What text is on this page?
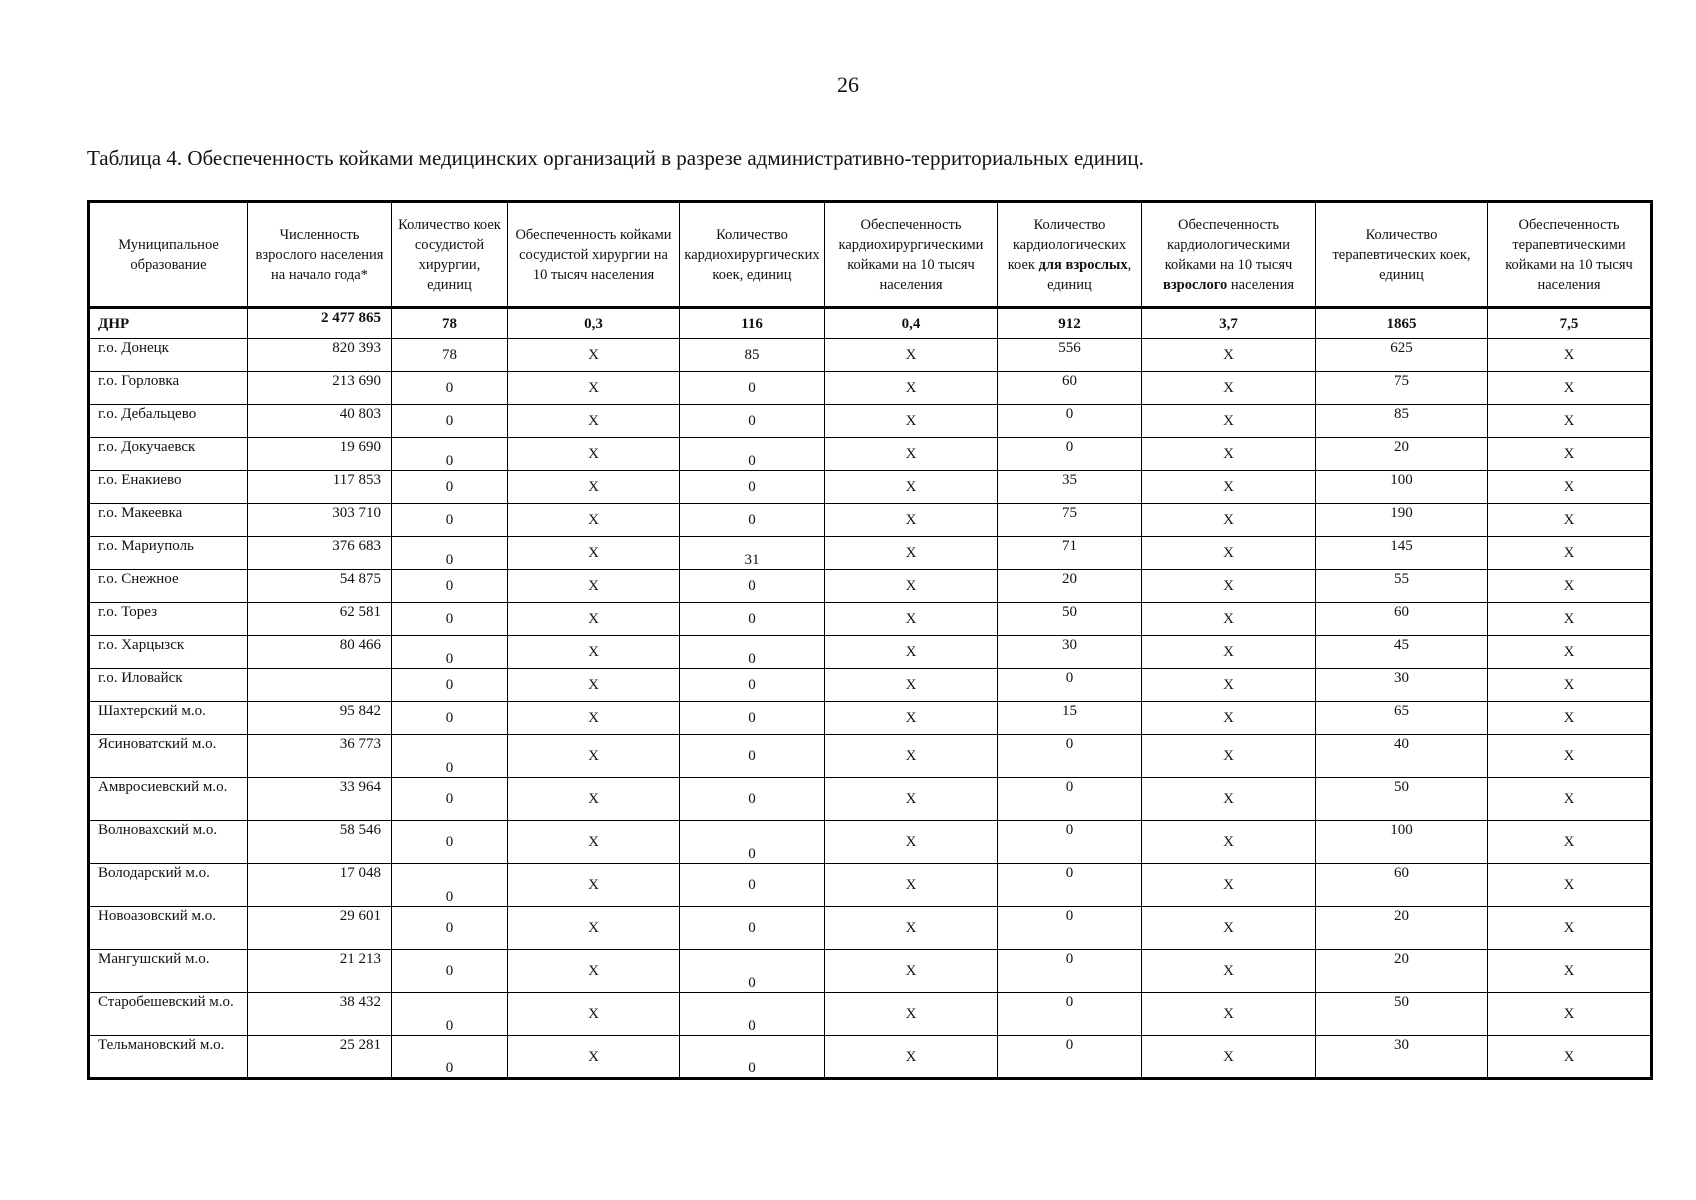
26
Таблица 4. Обеспеченность койками медицинских организаций в разрезе административно-территориальных единиц.
Муниципальное образование	Численность взрослого населения на начало года*	Количество коек сосудистой хирургии, единиц	Обеспеченность койками сосудистой хирургии на 10 тысяч населения	Количество кардиохирургических коек, единиц	Обеспеченность кардиохирургическими койками на 10 тысяч населения	Количество кардиологических коек для взрослых, единиц	Обеспеченность кардиологическими койками на 10 тысяч взрослого населения	Количество терапевтических коек, единиц	Обеспеченность терапевтическими койками на 10 тысяч населения
ДНР	2 477 865	78	0,3	116	0,4	912	3,7	1865	7,5
г.о. Донецк	820 393	78	X	85	X	556	X	625	X
г.о. Горловка	213 690	0	X	0	X	60	X	75	X
г.о. Дебальцево	40 803	0	X	0	X	0	X	85	X
г.о. Докучаевск	19 690	0	X	0	X	0	X	20	X
г.о. Енакиево	117 853	0	X	0	X	35	X	100	X
г.о. Макеевка	303 710	0	X	0	X	75	X	190	X
г.о. Мариуполь	376 683	0	X	31	X	71	X	145	X
г.о. Снежное	54 875	0	X	0	X	20	X	55	X
г.о. Торез	62 581	0	X	0	X	50	X	60	X
г.о. Харцызск	80 466	0	X	0	X	30	X	45	X
г.о. Иловайск		0	X	0	X	0	X	30	X
Шахтерский м.о.	95 842	0	X	0	X	15	X	65	X
Ясиноватский м.о.	36 773	0	X	0	X	0	X	40	X
Амвросиевский м.о.	33 964	0	X	0	X	0	X	50	X
Волновахский м.о.	58 546	0	X	0	X	0	X	100	X
Володарский м.о.	17 048	0	X	0	X	0	X	60	X
Новоазовский м.о.	29 601	0	X	0	X	0	X	20	X
Мангушский м.о.	21 213	0	X	0	X	0	X	20	X
Старобешевский м.о.	38 432	0	X	0	X	0	X	50	X
Тельмановский м.о.	25 281	0	X	0	X	0	X	30	X
